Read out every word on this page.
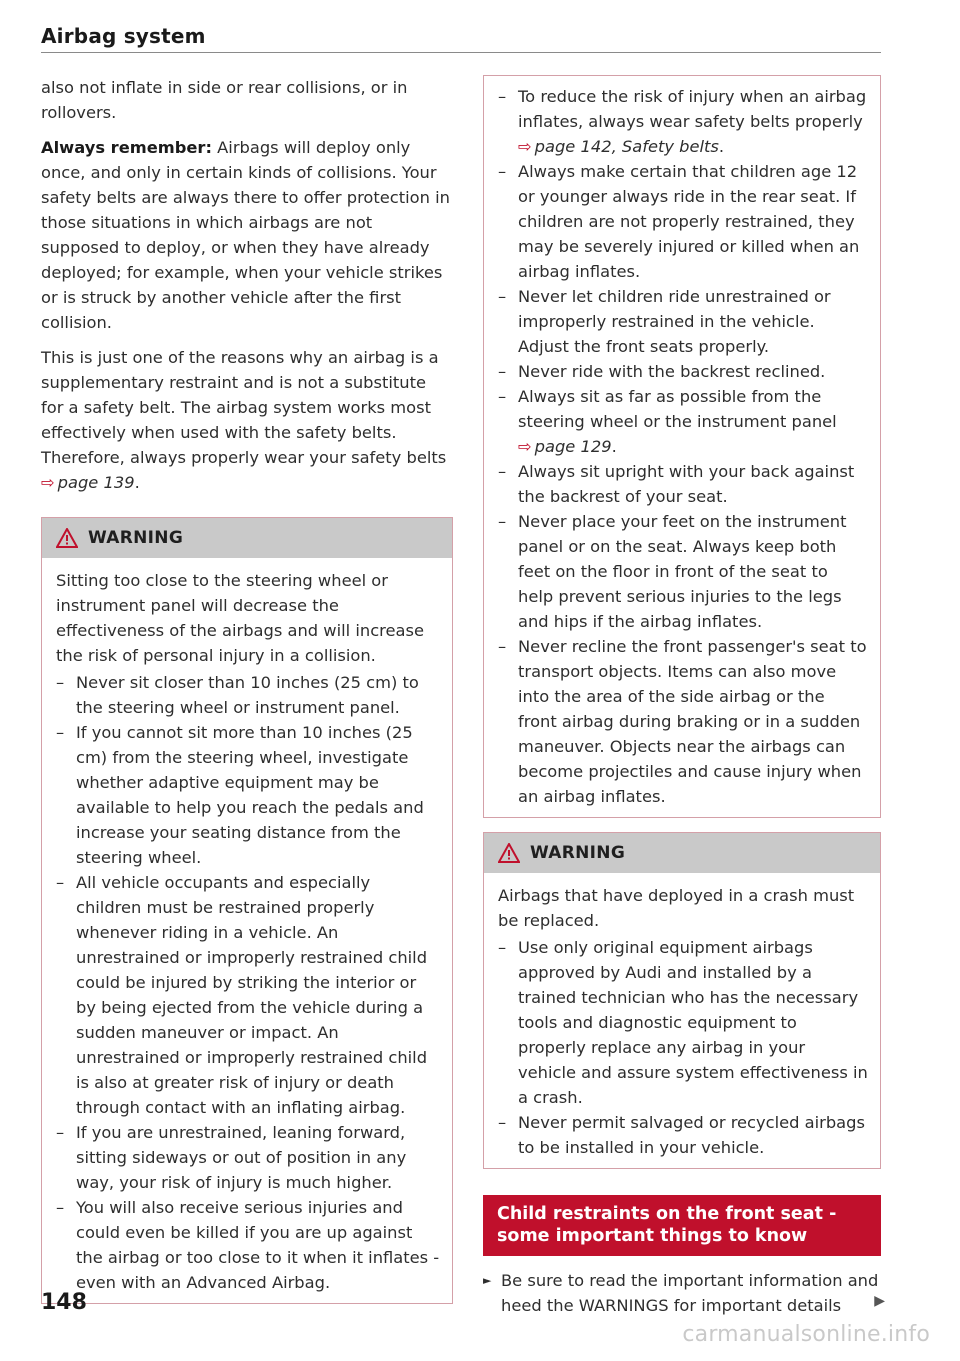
Airbag system

also not inflate in side or rear collisions, or in rollovers.

Always remember: Airbags will deploy only once, and only in certain kinds of collisions. Your safety belts are always there to offer protection in those situations in which airbags are not supposed to deploy, or when they have already deployed; for example, when your vehicle strikes or is struck by another vehicle after the first collision.

This is just one of the reasons why an airbag is a supplementary restraint and is not a substitute for a safety belt. The airbag system works most effectively when used with the safety belts. Therefore, always properly wear your safety belts ⇨ page 139.

WARNING

Sitting too close to the steering wheel or instrument panel will decrease the effectiveness of the airbags and will increase the risk of personal injury in a collision.

– Never sit closer than 10 inches (25 cm) to the steering wheel or instrument panel.
– If you cannot sit more than 10 inches (25 cm) from the steering wheel, investigate whether adaptive equipment may be available to help you reach the pedals and increase your seating distance from the steering wheel.
– All vehicle occupants and especially children must be restrained properly whenever riding in a vehicle. An unrestrained or improperly restrained child could be injured by striking the interior or by being ejected from the vehicle during a sudden maneuver or impact. An unrestrained or improperly restrained child is also at greater risk of injury or death through contact with an inflating airbag.
– If you are unrestrained, leaning forward, sitting sideways or out of position in any way, your risk of injury is much higher.
– You will also receive serious injuries and could even be killed if you are up against the airbag or too close to it when it inflates - even with an Advanced Airbag.
– To reduce the risk of injury when an airbag inflates, always wear safety belts properly ⇨ page 142, Safety belts.
– Always make certain that children age 12 or younger always ride in the rear seat. If children are not properly restrained, they may be severely injured or killed when an airbag inflates.
– Never let children ride unrestrained or improperly restrained in the vehicle. Adjust the front seats properly.
– Never ride with the backrest reclined.
– Always sit as far as possible from the steering wheel or the instrument panel ⇨ page 129.
– Always sit upright with your back against the backrest of your seat.
– Never place your feet on the instrument panel or on the seat. Always keep both feet on the floor in front of the seat to help prevent serious injuries to the legs and hips if the airbag inflates.
– Never recline the front passenger's seat to transport objects. Items can also move into the area of the side airbag or the front airbag during braking or in a sudden maneuver. Objects near the airbags can become projectiles and cause injury when an airbag inflates.
WARNING

Airbags that have deployed in a crash must be replaced.

– Use only original equipment airbags approved by Audi and installed by a trained technician who has the necessary tools and diagnostic equipment to properly replace any airbag in your vehicle and assure system effectiveness in a crash.
– Never permit salvaged or recycled airbags to be installed in your vehicle.
Child restraints on the front seat - some important things to know
► Be sure to read the important information and heed the WARNINGS for important details ▶
148
carmanualsonline.info
